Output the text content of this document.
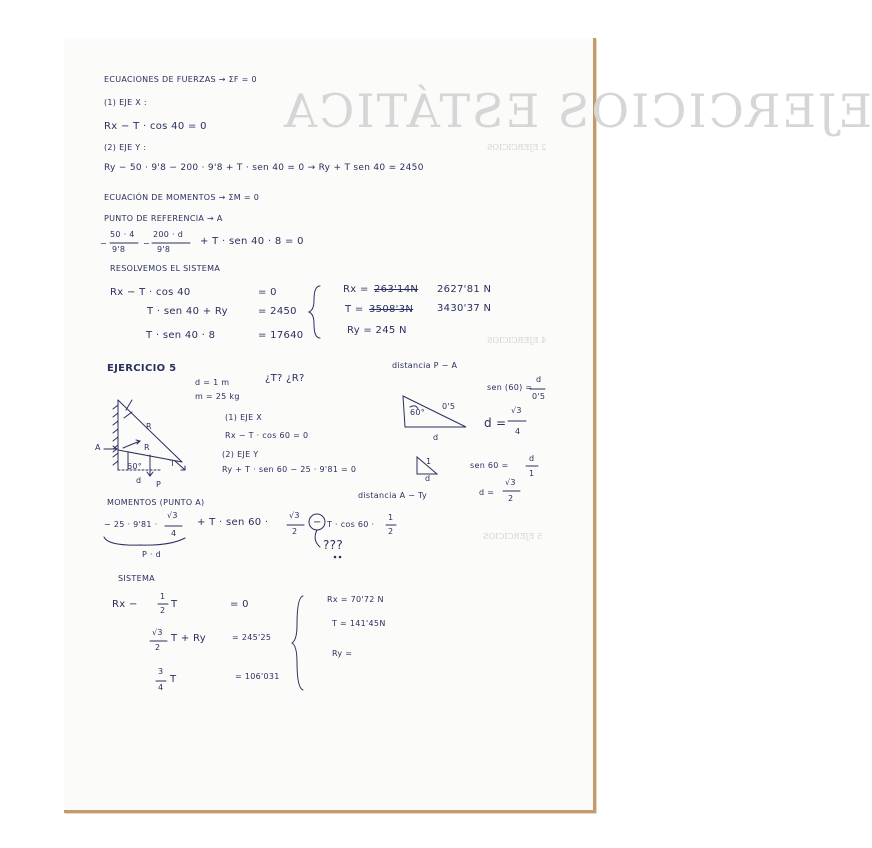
EJERCICIOS ESTÁTICA
2 EJERCICIOS
4 EJERCICIOS
5 EJERCICIOS
ECUACIONES DE FUERZAS → ΣF = 0
(1) EJE X :
Rx − T · cos 40 = 0
(2) EJE Y :
Ry − 50 · 9'8 − 200 · 9'8 + T · sen 40 = 0 → Ry + T sen 40 = 2450
ECUACIÓN DE MOMENTOS → ΣM = 0
PUNTO DE REFERENCIA → A
−
50 · 4
9'8
−
200 · d
9'8
+ T · sen 40 · 8 = 0
RESOLVEMOS EL SISTEMA
Rx − T · cos 40	= 0
T · sen 40 + Ry	= 2450
T · sen 40 · 8	= 17640
Rx = 263'14N 2627'81 N
T = 3508'3N 3430'37 N
Ry = 245 N
EJERCICIO 5
d = 1 m
m = 25 kg
¿T? ¿R?
distancia P − A
sen (60) =
d
0'5
d =
√3
4
60°
0'5
d
(1) EJE X
Rx − T · cos 60 = 0
(2) EJE Y
Ry + T · sen 60 − 25 · 9'81 = 0
1
d
sen 60 =
d
1
distancia A − Ty	d =
√3
2
MOMENTOS (PUNTO A)
− 25 · 9'81 ·
√3
4
+ T · sen 60 ·
√3
2
− T · cos 60 ·
1
2
P · d
???
SISTEMA
Rx −
1
2
T	= 0
√3
2
T + Ry	= 245'25
3
4
T	= 106'031
Rx = 70'72 N
T = 141'45N
Ry =
A
R
R
T
60°
d P
